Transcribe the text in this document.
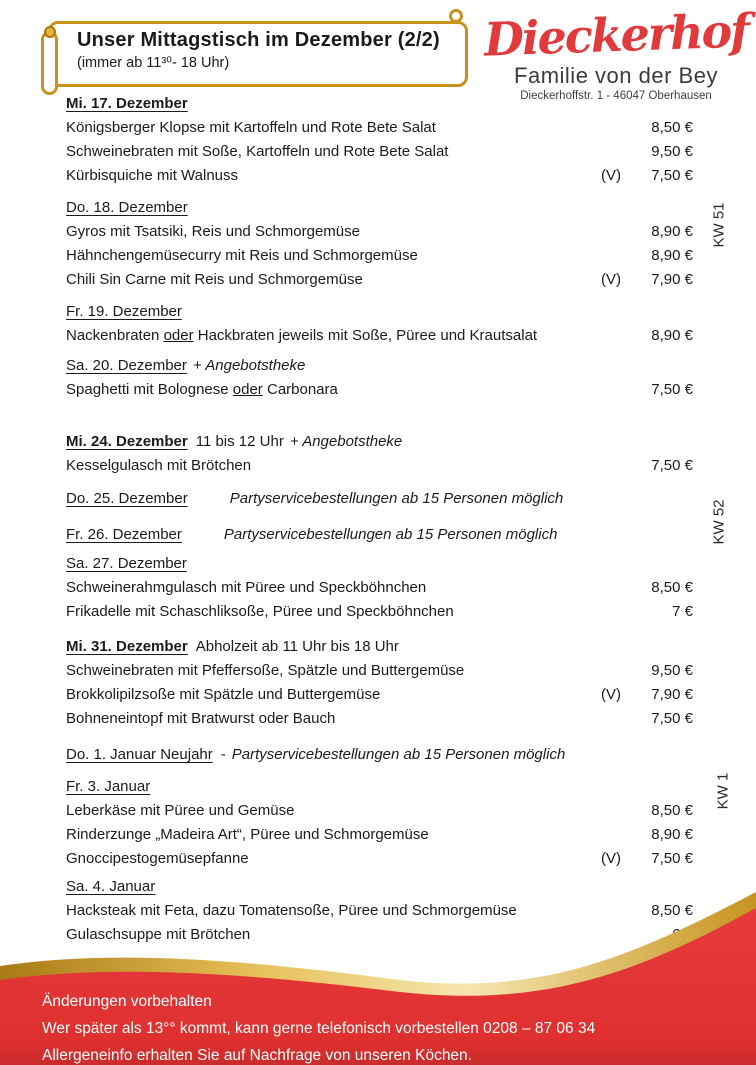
Unser Mittagstisch im Dezember (2/2)
(immer ab 11³⁰- 18 Uhr)	Dieckerhof
Familie von der Bey
Dieckerhoffstr. 1 - 46047 Oberhausen
Mi. 17. Dezember
Königsberger Klopse mit Kartoffeln und Rote Bete Salat	8,50 €
Schweinebraten mit Soße, Kartoffeln und Rote Bete Salat	9,50 €
Kürbisquiche mit Walnuss	(V)	7,50 €
Do. 18. Dezember
Gyros mit Tsatsiki, Reis und Schmorgemüse	8,90 €
Hähnchengemüsecurry mit Reis und Schmorgemüse	8,90 €
Chili Sin Carne mit Reis und Schmorgemüse	(V)	7,90 €
Fr. 19. Dezember
Nackenbraten oder Hackbraten jeweils mit Soße, Püree und Krautsalat	8,90 €
Sa. 20. Dezember + Angebotstheke
Spaghetti mit Bolognese oder Carbonara	7,50 €
Mi. 24. Dezember 11 bis 12 Uhr + Angebotstheke
Kesselgulasch mit Brötchen	7,50 €
Do. 25. Dezember	Partyservicebestellungen ab 15 Personen möglich
Fr. 26. Dezember	Partyservicebestellungen ab 15 Personen möglich
Sa. 27. Dezember
Schweinerahmgulasch mit Püree und Speckböhnchen	8,50 €
Frikadelle mit Schaschliksoße, Püree und Speckböhnchen	7 €
Mi. 31. Dezember Abholzeit ab 11 Uhr bis 18 Uhr
Schweinebraten mit Pfeffersoße, Spätzle und Buttergemüse	9,50 €
Brokkolipilzsoße mit Spätzle und Buttergemüse	(V)	7,90 €
Bohneneintopf mit Bratwurst oder Bauch	7,50 €
Do. 1. Januar Neujahr - Partyservicebestellungen ab 15 Personen möglich
Fr. 3. Januar
Leberkäse mit Püree und Gemüse	8,50 €
Rinderzunge „Madeira Art“, Püree und Schmorgemüse	8,90 €
Gnoccipestogemüsepfanne	(V)	7,50 €
Sa. 4. Januar
Hacksteak mit Feta, dazu Tomatensoße, Püree und Schmorgemüse	8,50 €
Gulaschsuppe mit Brötchen
KW 51
KW 52
KW 1
Änderungen vorbehalten
Wer später als 13°° kommt, kann gerne telefonisch vorbestellen 0208 – 87 06 34
Allergeneinfo erhalten Sie auf Nachfrage von unseren Köchen.
